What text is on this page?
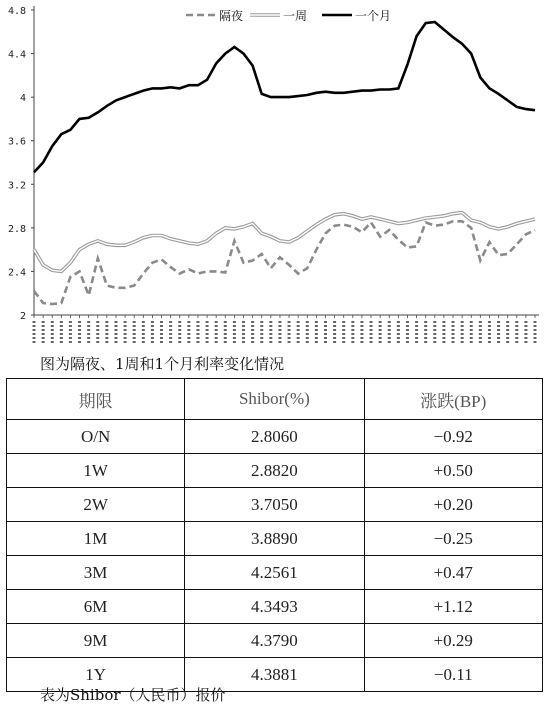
2
2.4
2.8
3.2
3.6
4
4.4
4.8	隔夜	一周	一个月
图为隔夜、1周和1个月利率变化情况
期限	Shibor(%)	涨跌(BP)
O/N	2.8060	−0.92
1W	2.8820	+0.50
2W	3.7050	+0.20
1M	3.8890	−0.25
3M	4.2561	+0.47
6M	4.3493	+1.12
9M	4.3790	+0.29
1Y	4.3881	−0.11
表为Shibor（人民币）报价
